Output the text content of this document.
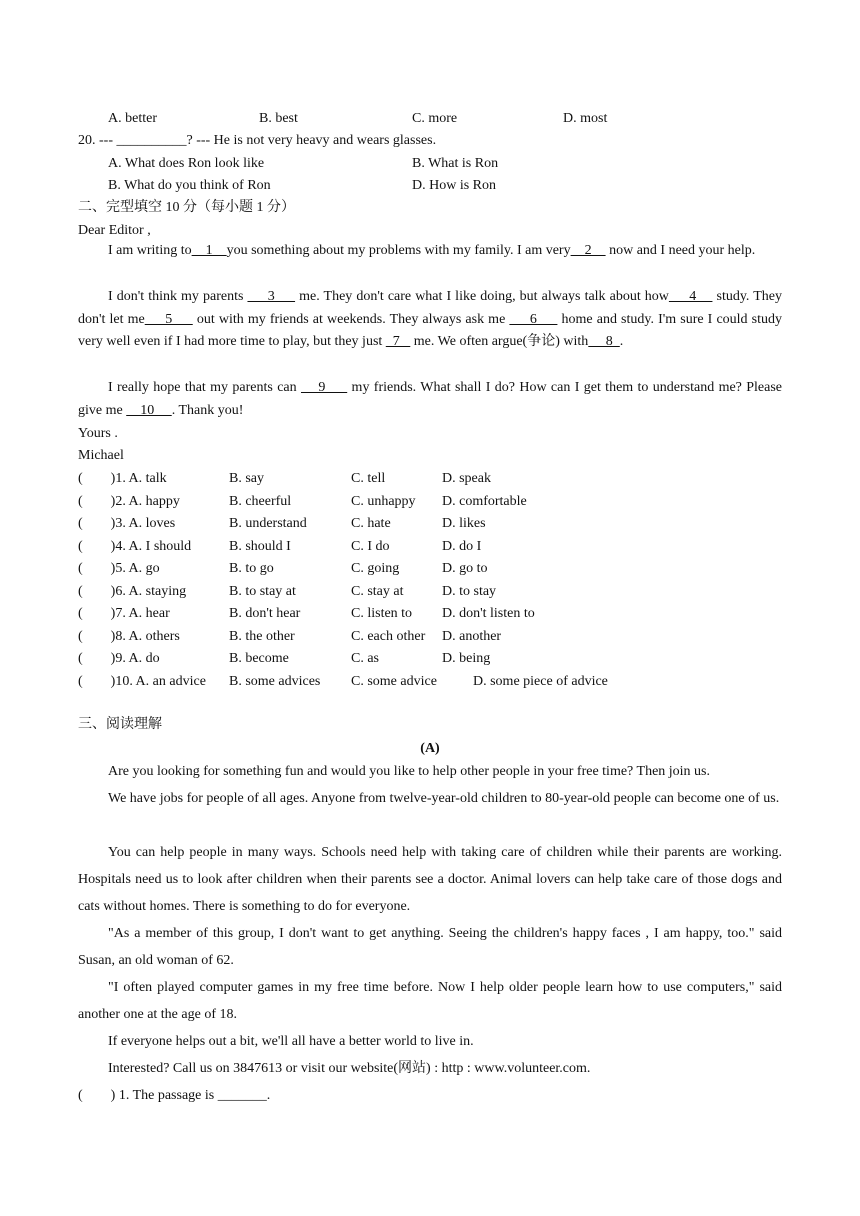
A. better	B. best	C. more	D. most
20. --- __________? --- He is not very heavy and wears glasses.
A. What does Ron look like	B. What is Ron
B. What do you think of Ron	D. How is Ron
二、完型填空 10 分（每小题 1 分）
Dear Editor ,
I am writing to    1    you something about my problems with my family. I am very    2     now and I need your help.
I don't think my parents      3      me. They don't care what I like doing, but always talk about how     4     study. They don't let me     5      out with my friends at weekends. They always ask me      6      home and study. I'm sure I could study very well even if I had more time to play, but they just   7    me. We often argue(争论) with     8  .
I really hope that my parents can     9      my friends. What shall I do? How can I get them to understand me? Please give me     10     . Thank you!
Yours .
Michael
(        )1. A. talk	B. say	C. tell	D. speak
(        )2. A. happy	B. cheerful	C. unhappy D. comfortable
(        )3. A. loves	B. understand	C. hate	D. likes
(        )4. A. I should	B. should I	C. I do	D. do I
(        )5. A. go	B. to go	C. going	D. go to
(        )6. A. staying	B. to stay at	C. stay at	D. to stay
(        )7. A. hear	B. don't hear	C. listen to D. don't listen to
(        )8. A. others	B. the other	C. each other D. another
(        )9. A. do	B. become	C. as	D. being
(        )10. A. an advice B. some advices C. some advice	D. some piece of advice
三、阅读理解
(A)
Are you looking for something fun and would you like to help other people in your free time? Then join us.
We have jobs for people of all ages. Anyone from twelve-year-old children to 80-year-old people can become one of us.
You can help people in many ways. Schools need help with taking care of children while their parents are working. Hospitals need us to look after children when their parents see a doctor. Animal lovers can help take care of those dogs and cats without homes. There is something to do for everyone.
"As a member of this group, I don't want to get anything. Seeing the children's happy faces , I am happy, too." said Susan, an old woman of 62.
"I often played computer games in my free time before. Now I help older people learn how to use computers," said another one at the age of 18.
If everyone helps out a bit, we'll all have a better world to live in.
Interested? Call us on 3847613 or visit our website(网站) : http : www.volunteer.com.
(        ) 1. The passage is _______.
